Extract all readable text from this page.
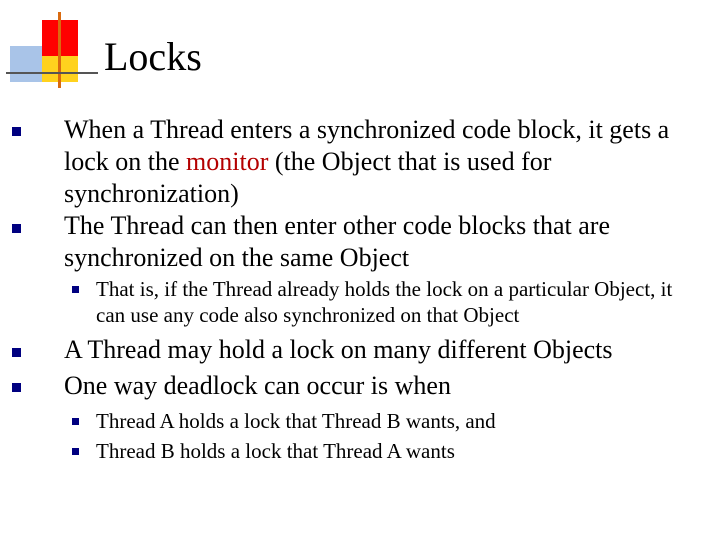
Locks
When a Thread enters a synchronized code block, it gets a lock on the monitor (the Object that is used for synchronization)
The Thread can then enter other code blocks that are synchronized on the same Object
That is, if the Thread already holds the lock on a particular Object, it can use any code also synchronized on that Object
A Thread may hold a lock on many different Objects
One way deadlock can occur is when
Thread A holds a lock that Thread B wants, and
Thread B holds a lock that Thread A wants
